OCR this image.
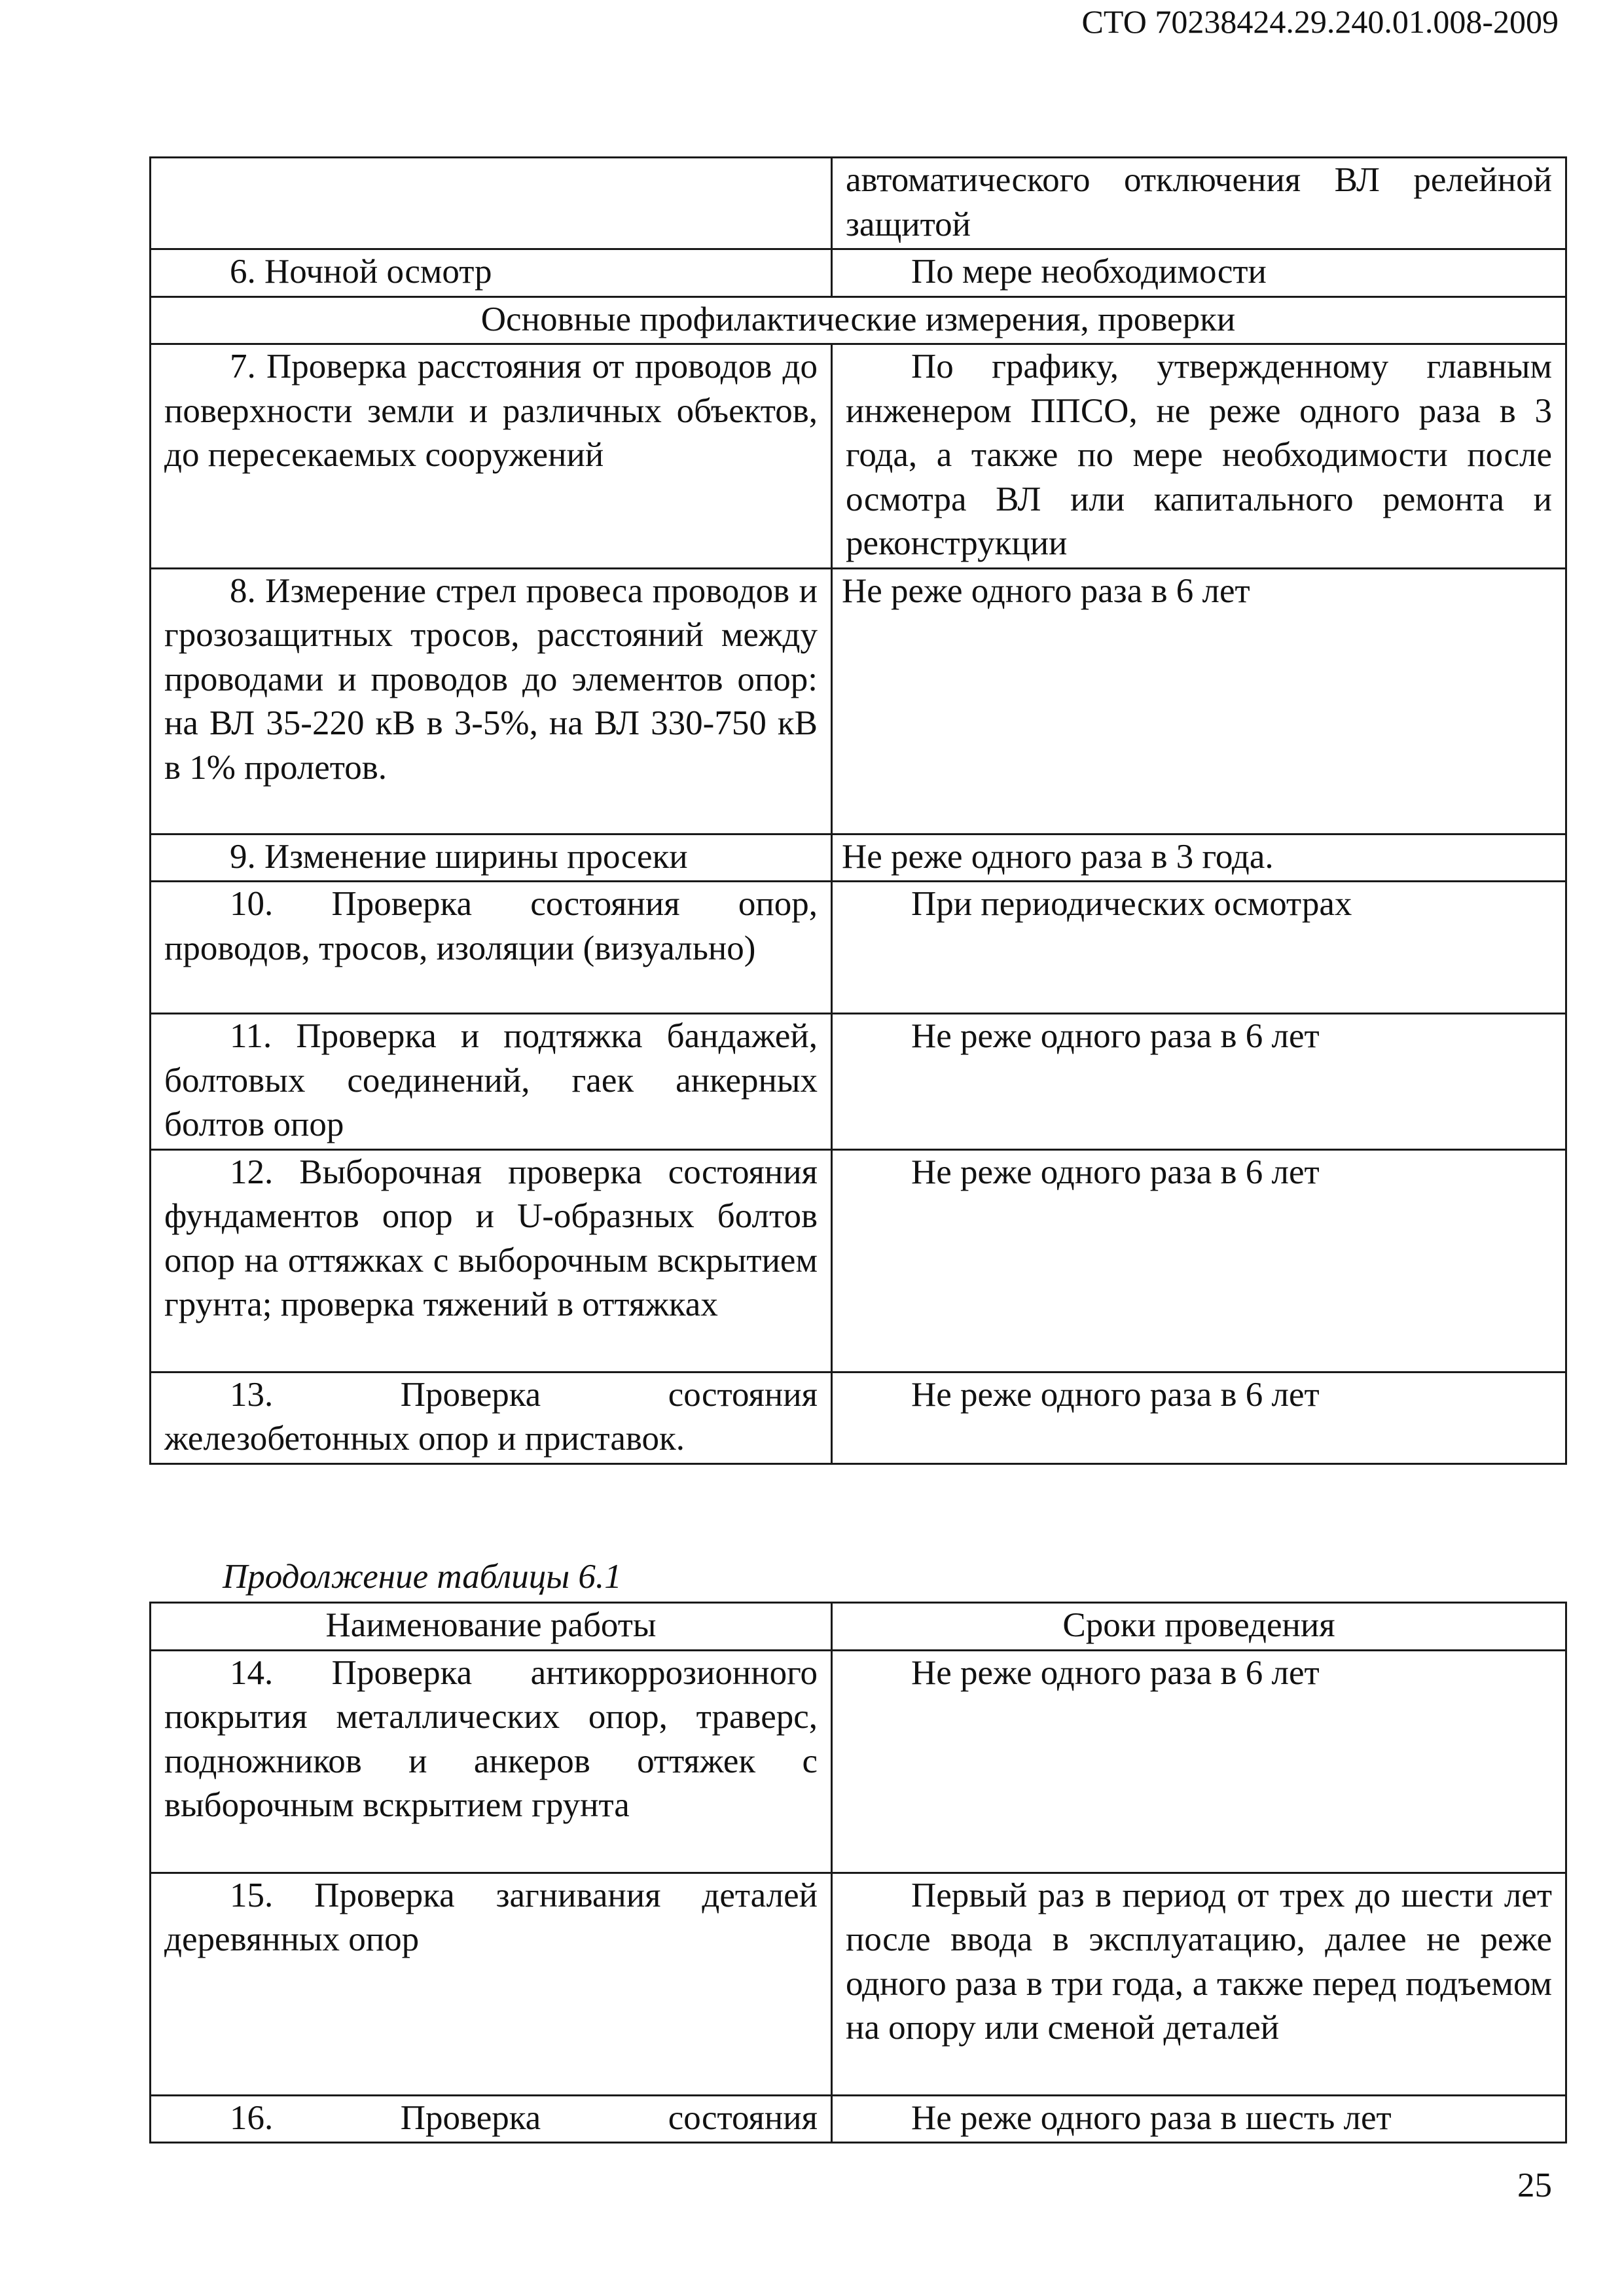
СТО 70238424.29.240.01.008-2009
	автоматического отключения ВЛ релейной защитой
6. Ночной осмотр	По мере необходимости
Основные профилактические измерения, проверки	
7. Проверка расстояния от проводов до поверхности земли и различных объектов, до пересекаемых сооружений	По графику, утвержденному главным инженером ППСО, не реже одного раза в 3 года, а также по мере необходимости после осмотра ВЛ или капитального ремонта и реконструкции
8. Измерение стрел провеса проводов и грозозащитных тросов, расстояний между проводами и проводов до элементов опор: на ВЛ 35-220 кВ в 3-5%, на ВЛ 330-750 кВ в 1% пролетов.	Не реже одного раза в 6 лет
9. Изменение ширины просеки	Не реже одного раза в 3 года.
10. Проверка состояния опор, проводов, тросов, изоляции (визуально)	При периодических осмотрах
11. Проверка и подтяжка бандажей, болтовых соединений, гаек анкерных болтов опор	Не реже одного раза в 6 лет
12. Выборочная проверка состояния фундаментов опор и U-образных болтов опор на оттяжках с выборочным вскрытием грунта; проверка тяжений в оттяжках	Не реже одного раза в 6 лет
13. Проверка состояния железобетонных опор и приставок.	Не реже одного раза в 6 лет
Продолжение таблицы 6.1
Наименование работы	Сроки проведения
14. Проверка антикоррозионного покрытия металлических опор, траверс, подножников и анкеров оттяжек с выборочным вскрытием грунта	Не реже одного раза в 6 лет
15. Проверка загнивания деталей деревянных опор	Первый раз в период от трех до шести лет после ввода в эксплуатацию, далее не реже одного раза в три года, а также перед подъемом на опору или сменой деталей
16. Проверка состояния	Не реже одного раза в шесть лет
25
